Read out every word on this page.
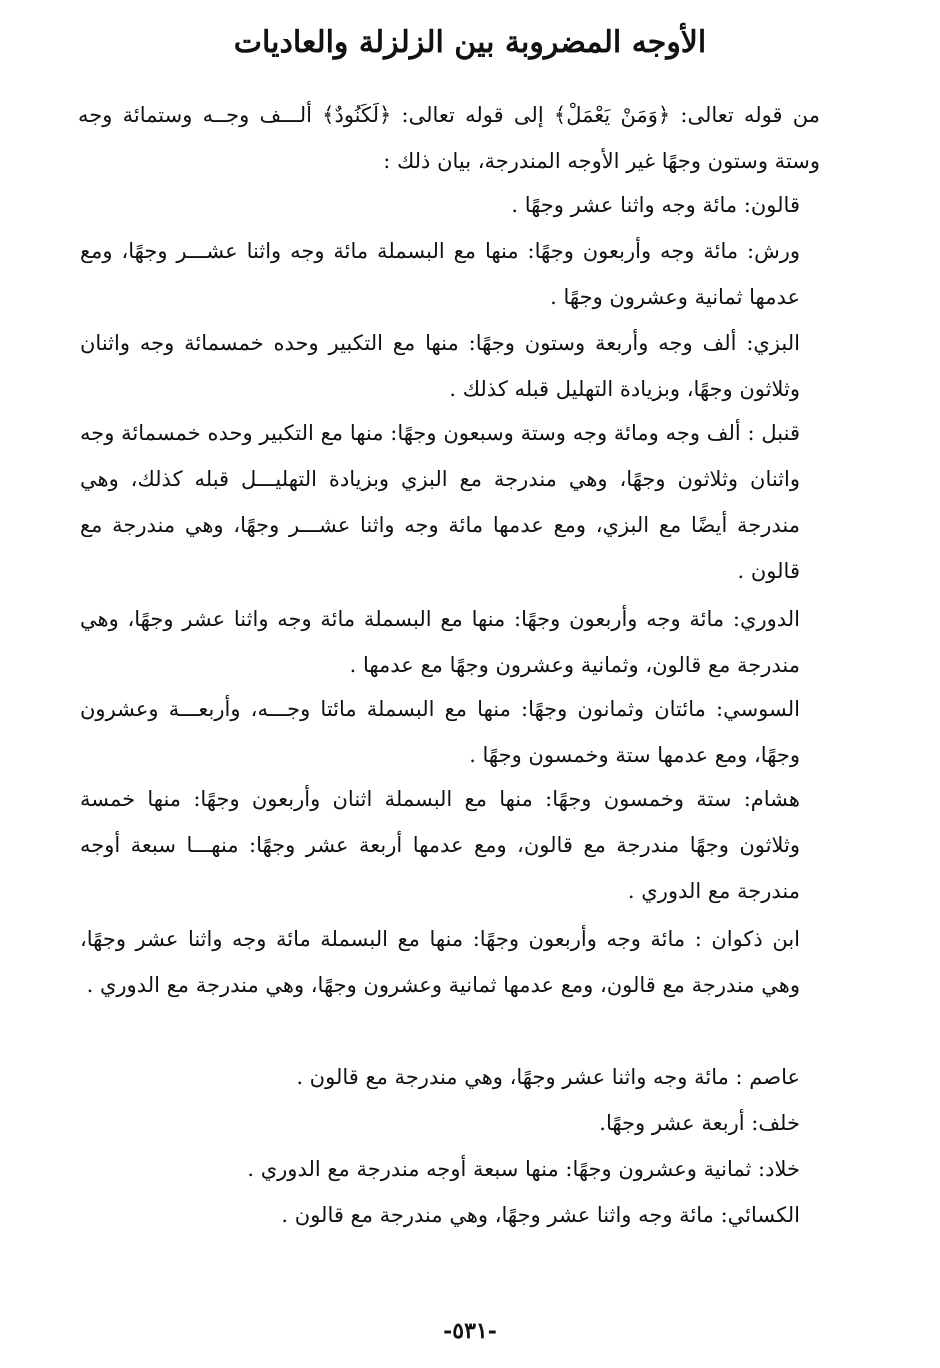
الأوجه المضروبة بين الزلزلة والعاديات
من قوله تعالى: ﴿وَمَنْ يَعْمَلْ﴾ إلى قوله تعالى: ﴿لَكَنُودٌ﴾ ألـــف وجــه وستمائة وجه وستة وستون وجهًا غير الأوجه المندرجة، بيان ذلك :
قالون: مائة وجه واثنا عشر وجهًا .
ورش: مائة وجه وأربعون وجهًا: منها مع البسملة مائة وجه واثنا عشـــر وجهًا، ومع عدمها ثمانية وعشرون وجهًا .
البزي: ألف وجه وأربعة وستون وجهًا: منها مع التكبير وحده خمسمائة وجه واثنان وثلاثون وجهًا، وبزيادة التهليل قبله كذلك .
قنبل : ألف وجه ومائة وجه وستة وسبعون وجهًا: منها مع التكبير وحده خمسمائة وجه واثنان وثلاثون وجهًا، وهي مندرجة مع البزي وبزيادة التهليـــل قبله كذلك، وهي مندرجة أيضًا مع البزي، ومع عدمها مائة وجه واثنا عشـــر وجهًا، وهي مندرجة مع قالون .
الدوري: مائة وجه وأربعون وجهًا: منها مع البسملة مائة وجه واثنا عشر وجهًا، وهي مندرجة مع قالون، وثمانية وعشرون وجهًا مع عدمها .
السوسي: مائتان وثمانون وجهًا: منها مع البسملة مائتا وجـــه، وأربعـــة وعشرون وجهًا، ومع عدمها ستة وخمسون وجهًا .
هشام: ستة وخمسون وجهًا: منها مع البسملة اثنان وأربعون وجهًا: منها خمسة وثلاثون وجهًا مندرجة مع قالون، ومع عدمها أربعة عشر وجهًا: منهـــا سبعة أوجه مندرجة مع الدوري .
ابن ذكوان : مائة وجه وأربعون وجهًا: منها مع البسملة مائة وجه واثنا عشر وجهًا، وهي مندرجة مع قالون، ومع عدمها ثمانية وعشرون وجهًا، وهي مندرجة مع الدوري .
عاصم : مائة وجه واثنا عشر وجهًا، وهي مندرجة مع قالون .
خلف: أربعة عشر وجهًا.
خلاد: ثمانية وعشرون وجهًا: منها سبعة أوجه مندرجة مع الدوري .
الكسائي: مائة وجه واثنا عشر وجهًا، وهي مندرجة مع قالون .
-٥٣١-
